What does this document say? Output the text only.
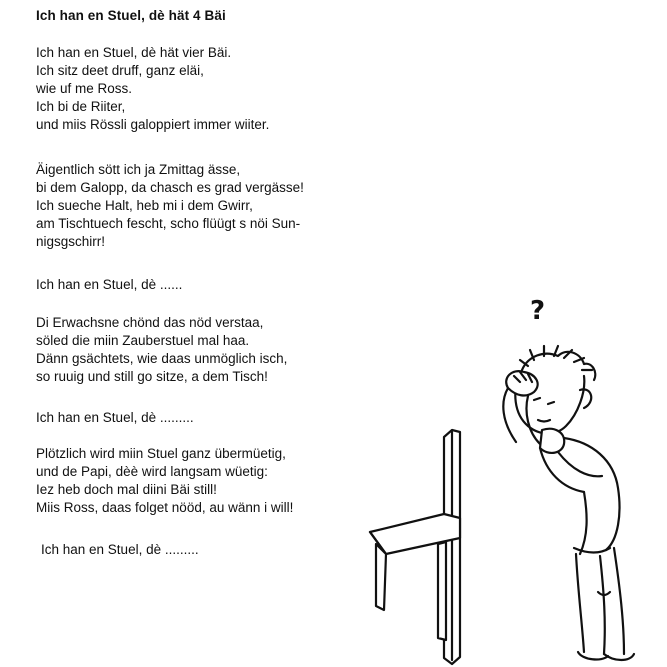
Ich han en Stuel, dè hät 4 Bäi
Ich han en Stuel, dè hät vier Bäi.
Ich sitz deet druff, ganz eläi,
wie uf me Ross.
Ich bi de Riiter,
und miis Rössli galoppiert immer wiiter.
Äigentlich sött ich ja Zmittag ässe,
bi dem Galopp, da chasch es grad vergässe!
Ich sueche Halt, heb mi i dem Gwirr,
am Tischtuech fescht, scho flüügt s nöi Sun-
nigsgschirr!
Ich han en Stuel, dè ......
Di Erwachsne chönd das nöd verstaa,
söled die miin Zauberstuel mal haa.
Dänn gsächtets, wie daas unmöglich isch,
so ruuig und still go sitze, a dem Tisch!
Ich han en Stuel, dè .........
Plötzlich wird miin Stuel ganz übermüetig,
und de Papi, dèè wird langsam wüetig:
Iez heb doch mal diini Bäi still!
Miis Ross, daas folget nööd, au wänn i will!
Ich han en Stuel, dè .........
?
